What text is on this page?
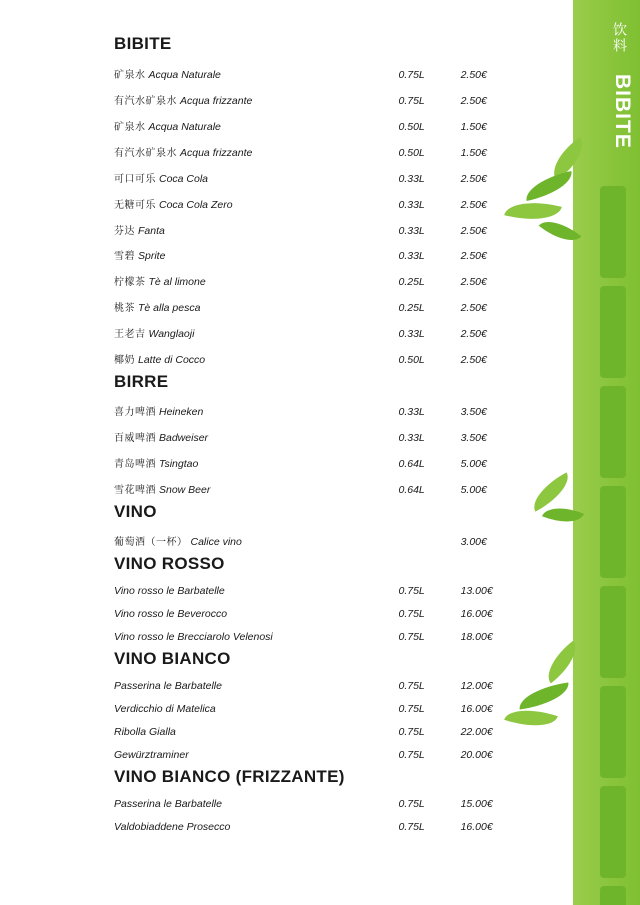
饮料
BIBITE
BIBITE
矿泉水 Acqua Naturale	0.75L	2.50€
有汽水矿泉水 Acqua frizzante	0.75L	2.50€
矿泉水 Acqua Naturale	0.50L	1.50€
有汽水矿泉水 Acqua frizzante	0.50L	1.50€
可口可乐 Coca Cola	0.33L	2.50€
无糖可乐 Coca Cola Zero	0.33L	2.50€
芬达 Fanta	0.33L	2.50€
雪碧 Sprite	0.33L	2.50€
柠檬茶 Tè al limone	0.25L	2.50€
桃茶 Tè alla pesca	0.25L	2.50€
王老吉 Wanglaoji	0.33L	2.50€
椰奶 Latte di Cocco	0.50L	2.50€
BIRRE
喜力啤酒 Heineken	0.33L	3.50€
百威啤酒 Badweiser	0.33L	3.50€
青岛啤酒 Tsingtao	0.64L	5.00€
雪花啤酒 Snow Beer	0.64L	5.00€
VINO
葡萄酒（一杯） Calice vino		3.00€
VINO ROSSO
Vino rosso le Barbatelle	0.75L	13.00€
Vino rosso le Beverocco	0.75L	16.00€
Vino rosso le Brecciarolo Velenosi	0.75L	18.00€
VINO BIANCO
Passerina le Barbatelle	0.75L	12.00€
Verdicchio di Matelica	0.75L	16.00€
Ribolla Gialla	0.75L	22.00€
Gewürztraminer	0.75L	20.00€
VINO BIANCO (FRIZZANTE)
Passerina le Barbatelle	0.75L	15.00€
Valdobiaddene Prosecco	0.75L	16.00€
